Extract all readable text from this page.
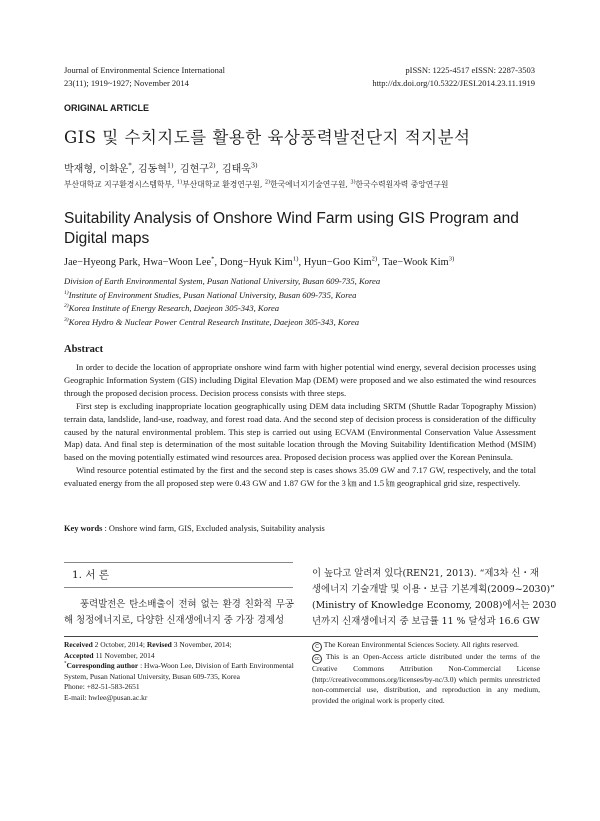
Journal of Environmental Science International
23(11); 1919~1927; November 2014
pISSN: 1225-4517 eISSN: 2287-3503
http://dx.doi.org/10.5322/JESI.2014.23.11.1919
ORIGINAL ARTICLE
GIS 및 수치지도를 활용한 육상풍력발전단지 적지분석
박재형, 이화운*, 김동혁$^{1)}$, 김현구$^{2)}$, 김태욱$^{3)}$
부산대학교 지구환경시스템학부, $^{1)}$부산대학교 환경연구원, $^{2)}$한국에너지기술연구원, $^{3)}$한국수력원자력 중앙연구원
Suitability Analysis of Onshore Wind Farm using GIS Program and Digital maps
Jae−Hyeong Park, Hwa−Woon Lee*, Dong−Hyuk Kim$^{1)}$, Hyun−Goo Kim$^{2)}$, Tae−Wook Kim$^{3)}$
Division of Earth Environmental System, Pusan National University, Busan 609-735, Korea
$^{1)}$Institute of Environment Studies, Pusan National University, Busan 609-735, Korea
$^{2)}$Korea Institute of Energy Research, Daejeon 305-343, Korea
$^{3)}$Korea Hydro & Nuclear Power Central Research Institute, Daejeon 305-343, Korea
Abstract

In order to decide the location of appropriate onshore wind farm with higher potential wind energy, several decision processes using Geographic Information System (GIS) including Digital Elevation Map (DEM) were proposed and we also estimated the wind resources through the proposed decision process. Decision process consists with three steps.

First step is excluding inappropriate location geographically using DEM data including SRTM (Shuttle Radar Topography Mission) terrain data, landslide, land-use, roadway, and forest road data. And the second step of decision process is consideration of the difficulty caused by the natural environmental problem. This step is carried out using ECVAM (Environmental Conservation Value Assessment Map) data. And final step is determination of the most suitable location through the Moving Suitability Identification Method (MSIM) based on the moving potentially estimated wind resources area. Proposed decision process was applied over the Korean Peninsula.

Wind resource potential estimated by the first and the second step is cases shows 35.09 GW and 7.17 GW, respectively, and the total evaluated energy from the all proposed step were 0.43 GW and 1.87 GW for the 3 ㎞ and 1.5 ㎞ geographical grid size, respectively.

Key words : Onshore wind farm, GIS, Excluded analysis, Suitability analysis
1. 서 론

풍력발전은 탄소배출이 전혀 없는 환경 친화적 무공해 청정에너지로, 다양한 신재생에너지 중 가장 경제성

이 높다고 알려져 있다(REN21, 2013). “제3차 신・재
생에너지 기술개발 및 이용・보급 기본계획(2009~2030)”
(Ministry of Knowledge Economy, 2008)에서는 2030
년까지 신재생에너지 중 보급률 11 % 달성과 16.6 GW
Received 2 October, 2014; Revised 3 November, 2014;
Accepted 11 November, 2014
*Corresponding author : Hwa-Woon Lee, Division of Earth Environmental
System, Pusan National University, Busan 609-735, Korea
Phone: +82-51-583-2651
E-mail: hwlee@pusan.ac.kr
C The Korean Environmental Sciences Society. All rights reserved.
cc This is an Open-Access article distributed under the terms of the Creative Commons Attribution Non-Commercial License (http://creativecommons.org/licenses/by-nc/3.0) which permits unrestricted non-commercial use, distribution, and reproduction in any medium, provided the original work is properly cited.
